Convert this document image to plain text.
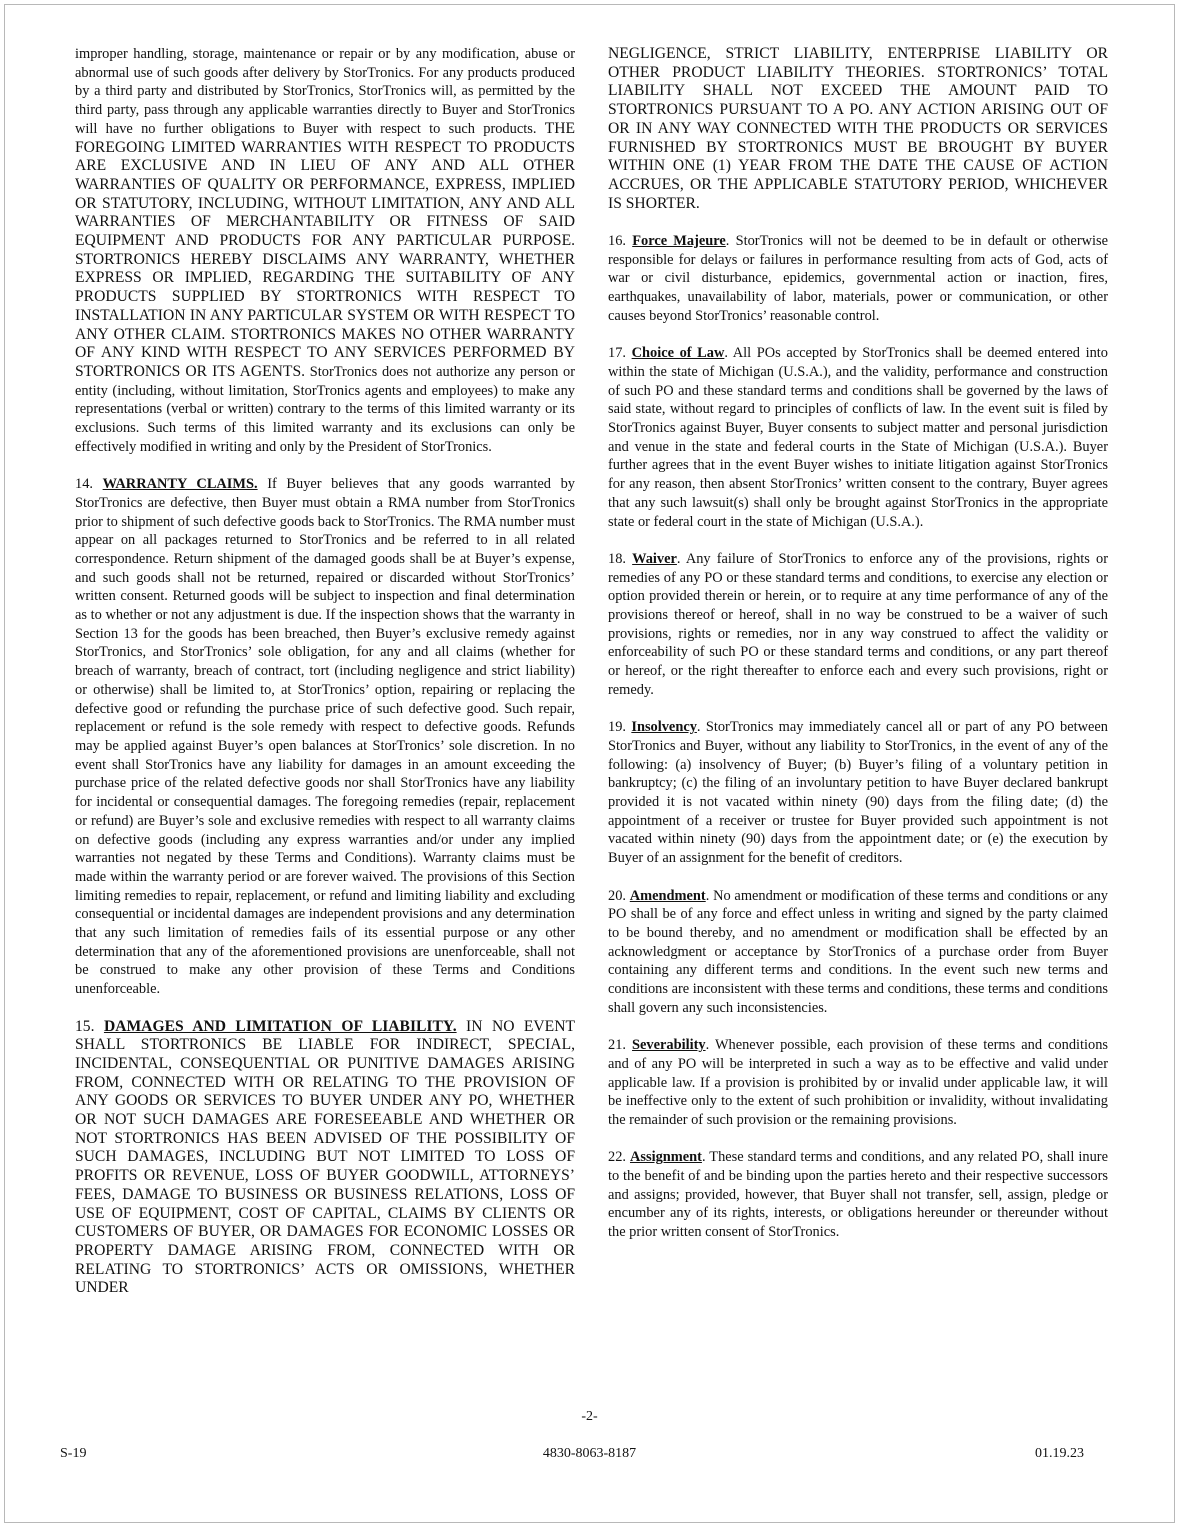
improper handling, storage, maintenance or repair or by any modification, abuse or abnormal use of such goods after delivery by StorTronics. For any products produced by a third party and distributed by StorTronics, StorTronics will, as permitted by the third party, pass through any applicable warranties directly to Buyer and StorTronics will have no further obligations to Buyer with respect to such products. THE FOREGOING LIMITED WARRANTIES WITH RESPECT TO PRODUCTS ARE EXCLUSIVE AND IN LIEU OF ANY AND ALL OTHER WARRANTIES OF QUALITY OR PERFORMANCE, EXPRESS, IMPLIED OR STATUTORY, INCLUDING, WITHOUT LIMITATION, ANY AND ALL WARRANTIES OF MERCHANTABILITY OR FITNESS OF SAID EQUIPMENT AND PRODUCTS FOR ANY PARTICULAR PURPOSE. STORTRONICS HEREBY DISCLAIMS ANY WARRANTY, WHETHER EXPRESS OR IMPLIED, REGARDING THE SUITABILITY OF ANY PRODUCTS SUPPLIED BY STORTRONICS WITH RESPECT TO INSTALLATION IN ANY PARTICULAR SYSTEM OR WITH RESPECT TO ANY OTHER CLAIM. STORTRONICS MAKES NO OTHER WARRANTY OF ANY KIND WITH RESPECT TO ANY SERVICES PERFORMED BY STORTRONICS OR ITS AGENTS. StorTronics does not authorize any person or entity (including, without limitation, StorTronics agents and employees) to make any representations (verbal or written) contrary to the terms of this limited warranty or its exclusions. Such terms of this limited warranty and its exclusions can only be effectively modified in writing and only by the President of StorTronics.

14. WARRANTY CLAIMS. If Buyer believes that any goods warranted by StorTronics are defective, then Buyer must obtain a RMA number from StorTronics prior to shipment of such defective goods back to StorTronics. The RMA number must appear on all packages returned to StorTronics and be referred to in all related correspondence. Return shipment of the damaged goods shall be at Buyer’s expense, and such goods shall not be returned, repaired or discarded without StorTronics’ written consent. Returned goods will be subject to inspection and final determination as to whether or not any adjustment is due. If the inspection shows that the warranty in Section 13 for the goods has been breached, then Buyer’s exclusive remedy against StorTronics, and StorTronics’ sole obligation, for any and all claims (whether for breach of warranty, breach of contract, tort (including negligence and strict liability) or otherwise) shall be limited to, at StorTronics’ option, repairing or replacing the defective good or refunding the purchase price of such defective good. Such repair, replacement or refund is the sole remedy with respect to defective goods. Refunds may be applied against Buyer’s open balances at StorTronics’ sole discretion. In no event shall StorTronics have any liability for damages in an amount exceeding the purchase price of the related defective goods nor shall StorTronics have any liability for incidental or consequential damages. The foregoing remedies (repair, replacement or refund) are Buyer’s sole and exclusive remedies with respect to all warranty claims on defective goods (including any express warranties and/or under any implied warranties not negated by these Terms and Conditions). Warranty claims must be made within the warranty period or are forever waived. The provisions of this Section limiting remedies to repair, replacement, or refund and limiting liability and excluding consequential or incidental damages are independent provisions and any determination that any such limitation of remedies fails of its essential purpose or any other determination that any of the aforementioned provisions are unenforceable, shall not be construed to make any other provision of these Terms and Conditions unenforceable.

15. DAMAGES AND LIMITATION OF LIABILITY. IN NO EVENT SHALL STORTRONICS BE LIABLE FOR INDIRECT, SPECIAL, INCIDENTAL, CONSEQUENTIAL OR PUNITIVE DAMAGES ARISING FROM, CONNECTED WITH OR RELATING TO THE PROVISION OF ANY GOODS OR SERVICES TO BUYER UNDER ANY PO, WHETHER OR NOT SUCH DAMAGES ARE FORESEEABLE AND WHETHER OR NOT STORTRONICS HAS BEEN ADVISED OF THE POSSIBILITY OF SUCH DAMAGES, INCLUDING BUT NOT LIMITED TO LOSS OF PROFITS OR REVENUE, LOSS OF BUYER GOODWILL, ATTORNEYS’ FEES, DAMAGE TO BUSINESS OR BUSINESS RELATIONS, LOSS OF USE OF EQUIPMENT, COST OF CAPITAL, CLAIMS BY CLIENTS OR CUSTOMERS OF BUYER, OR DAMAGES FOR ECONOMIC LOSSES OR PROPERTY DAMAGE ARISING FROM, CONNECTED WITH OR RELATING TO STORTRONICS’ ACTS OR OMISSIONS, WHETHER UNDER

NEGLIGENCE, STRICT LIABILITY, ENTERPRISE LIABILITY OR OTHER PRODUCT LIABILITY THEORIES. STORTRONICS’ TOTAL LIABILITY SHALL NOT EXCEED THE AMOUNT PAID TO STORTRONICS PURSUANT TO A PO. ANY ACTION ARISING OUT OF OR IN ANY WAY CONNECTED WITH THE PRODUCTS OR SERVICES FURNISHED BY STORTRONICS MUST BE BROUGHT BY BUYER WITHIN ONE (1) YEAR FROM THE DATE THE CAUSE OF ACTION ACCRUES, OR THE APPLICABLE STATUTORY PERIOD, WHICHEVER IS SHORTER.

16. Force Majeure. StorTronics will not be deemed to be in default or otherwise responsible for delays or failures in performance resulting from acts of God, acts of war or civil disturbance, epidemics, governmental action or inaction, fires, earthquakes, unavailability of labor, materials, power or communication, or other causes beyond StorTronics’ reasonable control.

17. Choice of Law. All POs accepted by StorTronics shall be deemed entered into within the state of Michigan (U.S.A.), and the validity, performance and construction of such PO and these standard terms and conditions shall be governed by the laws of said state, without regard to principles of conflicts of law. In the event suit is filed by StorTronics against Buyer, Buyer consents to subject matter and personal jurisdiction and venue in the state and federal courts in the State of Michigan (U.S.A.). Buyer further agrees that in the event Buyer wishes to initiate litigation against StorTronics for any reason, then absent StorTronics’ written consent to the contrary, Buyer agrees that any such lawsuit(s) shall only be brought against StorTronics in the appropriate state or federal court in the state of Michigan (U.S.A.).

18. Waiver. Any failure of StorTronics to enforce any of the provisions, rights or remedies of any PO or these standard terms and conditions, to exercise any election or option provided therein or herein, or to require at any time performance of any of the provisions thereof or hereof, shall in no way be construed to be a waiver of such provisions, rights or remedies, nor in any way construed to affect the validity or enforceability of such PO or these standard terms and conditions, or any part thereof or hereof, or the right thereafter to enforce each and every such provisions, right or remedy.

19. Insolvency. StorTronics may immediately cancel all or part of any PO between StorTronics and Buyer, without any liability to StorTronics, in the event of any of the following: (a) insolvency of Buyer; (b) Buyer’s filing of a voluntary petition in bankruptcy; (c) the filing of an involuntary petition to have Buyer declared bankrupt provided it is not vacated within ninety (90) days from the filing date; (d) the appointment of a receiver or trustee for Buyer provided such appointment is not vacated within ninety (90) days from the appointment date; or (e) the execution by Buyer of an assignment for the benefit of creditors.

20. Amendment. No amendment or modification of these terms and conditions or any PO shall be of any force and effect unless in writing and signed by the party claimed to be bound thereby, and no amendment or modification shall be effected by an acknowledgment or acceptance by StorTronics of a purchase order from Buyer containing any different terms and conditions. In the event such new terms and conditions are inconsistent with these terms and conditions, these terms and conditions shall govern any such inconsistencies.

21. Severability. Whenever possible, each provision of these terms and conditions and of any PO will be interpreted in such a way as to be effective and valid under applicable law. If a provision is prohibited by or invalid under applicable law, it will be ineffective only to the extent of such prohibition or invalidity, without invalidating the remainder of such provision or the remaining provisions.

22. Assignment. These standard terms and conditions, and any related PO, shall inure to the benefit of and be binding upon the parties hereto and their respective successors and assigns; provided, however, that Buyer shall not transfer, sell, assign, pledge or encumber any of its rights, interests, or obligations hereunder or thereunder without the prior written consent of StorTronics.

-2-
S-19	4830-8063-8187	01.19.23
